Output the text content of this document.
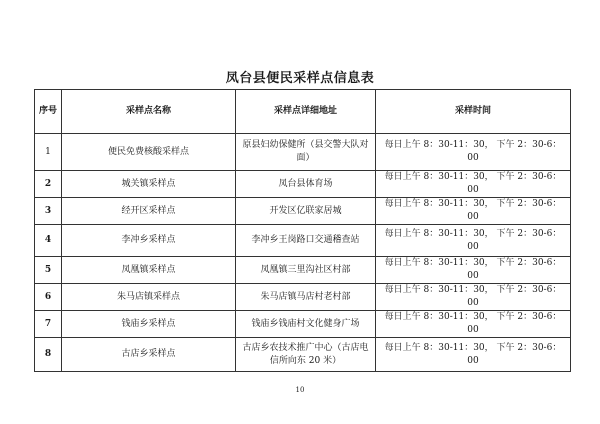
凤台县便民采样点信息表
序号	采样点名称	采样点详细地址	采样时间
1	便民免费核酸采样点	原县妇幼保健所（县交警大队对面）	每日上午 8：30-11：30， 下午 2：30-6：00
2	城关镇采样点	凤台县体育场	每日上午 8：30-11：30， 下午 2：30-6：00
3	经开区采样点	开发区亿联家居城	每日上午 8：30-11：30， 下午 2：30-6：00
4	李冲乡采样点	李冲乡王岗路口交通稽查站	每日上午 8：30-11：30， 下午 2：30-6：00
5	凤凰镇采样点	凤凰镇三里沟社区村部	每日上午 8：30-11：30， 下午 2：30-6：00
6	朱马店镇采样点	朱马店镇马店村老村部	每日上午 8：30-11：30， 下午 2：30-6：00
7	钱庙乡采样点	钱庙乡钱庙村文化健身广场	每日上午 8：30-11：30， 下午 2：30-6：00
8	古店乡采样点	古店乡农技术推广中心（古店电信所向东 20 米）	每日上午 8：30-11：30， 下午 2：30-6：00
10
